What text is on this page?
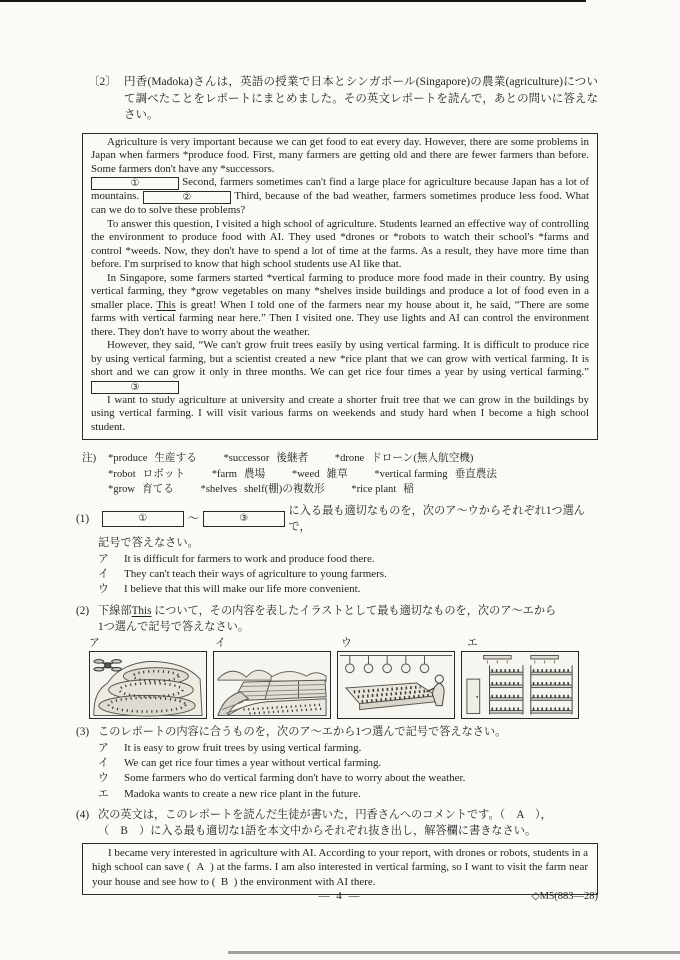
〔2〕 円香(Madoka)さんは，英語の授業で日本とシンガポール(Singapore)の農業(agriculture)について調べたことをレポートにまとめました。その英文レポートを読んで，あとの問いに答えなさい。

Agriculture is very important because we can get food to eat every day. However, there are some problems in Japan when farmers *produce food. First, many farmers are getting old and there are fewer farmers than before. Some farmers don't have any *successors.

①	Second, farmers sometimes can't find a large place for agriculture because Japan has a lot of mountains.	②	Third, because of the bad weather, farmers sometimes produce less food. What can we do to solve these problems?

To answer this question, I visited a high school of agriculture. Students learned an effective way of controlling the environment to produce food with AI. They used *drones or *robots to watch their school's *farms and control *weeds. Now, they don't have to spend a lot of time at the farms. As a result, they have more time than before. I'm surprised to know that high school students use AI like that.

In Singapore, some farmers started *vertical farming to produce more food made in their country. By using vertical farming, they *grow vegetables on many *shelves inside buildings and produce a lot of food even in a smaller place. This is great! When I told one of the farmers near my house about it, he said, “There are some farms with vertical farming near here.” Then I visited one. They use lights and AI can control the environment there. They don't have to worry about the weather.

However, they said, “We can't grow fruit trees easily by using vertical farming. It is difficult to produce rice by using vertical farming, but a scientist created a new *rice plant that we can grow with vertical farming. It is short and we can grow it only in three months. We can get rice four times a year by using vertical farming.” ③

I want to study agriculture at university and create a shorter fruit tree that we can grow in the buildings by using vertical farming. I will visit various farms on weekends and study hard when I become a high school student.

注)	*produce 生産する	*successor 後継者	*drone ドローン(無人航空機)
*robot ロボット	*farm 農場	*weed 雑草	*vertical farming 垂直農法
*grow 育てる	*shelves shelf(棚)の複数形	*rice plant 稲
(1)	①	～	③
に入る最も適切なものを，次のア～ウからそれぞれ1つ選んで，
記号で答えなさい。
ア	It is difficult for farmers to work and produce food there.
イ	They can't teach their ways of agriculture to young farmers.
ウ	I believe that this will make our life more convenient.
(2) 下線部This について，その内容を表したイラストとして最も適切なものを，次のア～エから
1つ選んで記号で答えなさい。
ア	イ	ウ	エ
(3) このレポートの内容に合うものを，次のア～エから1つ選んで記号で答えなさい。
ア	It is easy to grow fruit trees by using vertical farming.
イ	We can get rice four times a year without vertical farming.
ウ	Some farmers who do vertical farming don't have to worry about the weather.
エ	Madoka wants to create a new rice plant in the future.
(4) 次の英文は，このレポートを読んだ生徒が書いた，円香さんへのコメントです。（　A　），
（　B　）に入る最も適切な1語を本文中からそれぞれ抜き出し，解答欄に書きなさい。

I became very interested in agriculture with AI. According to your report, with drones or robots, students in a high school can save (  A  ) at the farms. I am also interested in vertical farming, so I want to visit the farm near your house and see how to (  B  ) the environment with AI there.

— 4 —	◇M5(883—28)
